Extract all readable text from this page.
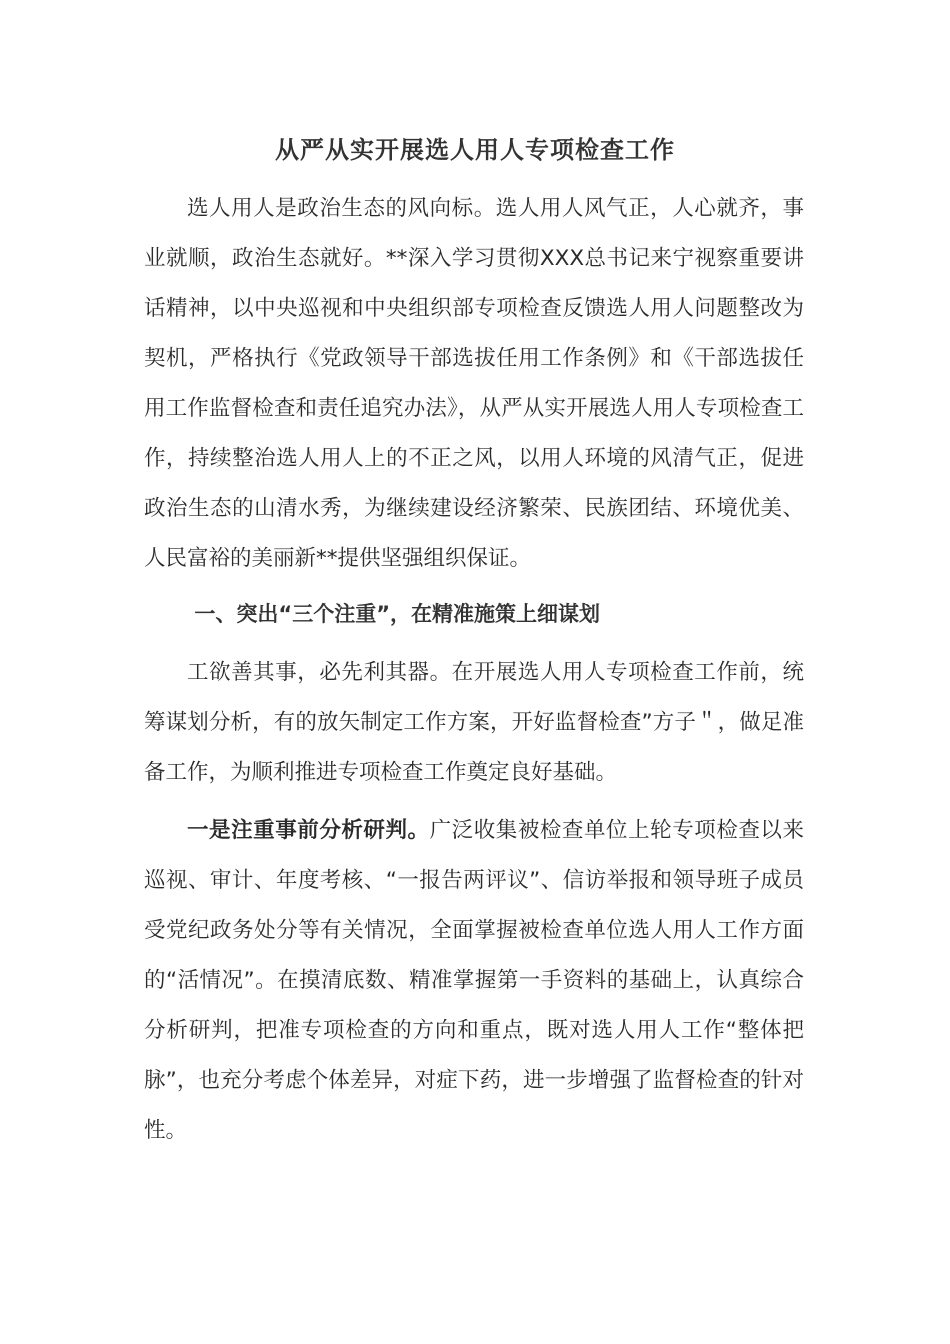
从严从实开展选人用人专项检查工作

选人用人是政治生态的风向标。选人用人风气正，人心就齐，事业就顺，政治生态就好。**深入学习贯彻XXX总书记来宁视察重要讲话精神，以中央巡视和中央组织部专项检查反馈选人用人问题整改为契机，严格执行《党政领导干部选拔任用工作条例》和《干部选拔任用工作监督检查和责任追究办法》，从严从实开展选人用人专项检查工作，持续整治选人用人上的不正之风，以用人环境的风清气正，促进政治生态的山清水秀，为继续建设经济繁荣、民族团结、环境优美、人民富裕的美丽新**提供坚强组织保证。

一、突出“三个注重”，在精准施策上细谋划

工欲善其事，必先利其器。在开展选人用人专项检查工作前，统筹谋划分析，有的放矢制定工作方案，开好监督检查”方子＂，做足准备工作，为顺利推进专项检查工作奠定良好基础。

一是注重事前分析研判。广泛收集被检查单位上轮专项检查以来巡视、审计、年度考核、“一报告两评议”、信访举报和领导班子成员受党纪政务处分等有关情况，全面掌握被检查单位选人用人工作方面的“活情况”。在摸清底数、精准掌握第一手资料的基础上，认真综合分析研判，把准专项检查的方向和重点，既对选人用人工作“整体把脉”，也充分考虑个体差异，对症下药，进一步增强了监督检查的针对性。
